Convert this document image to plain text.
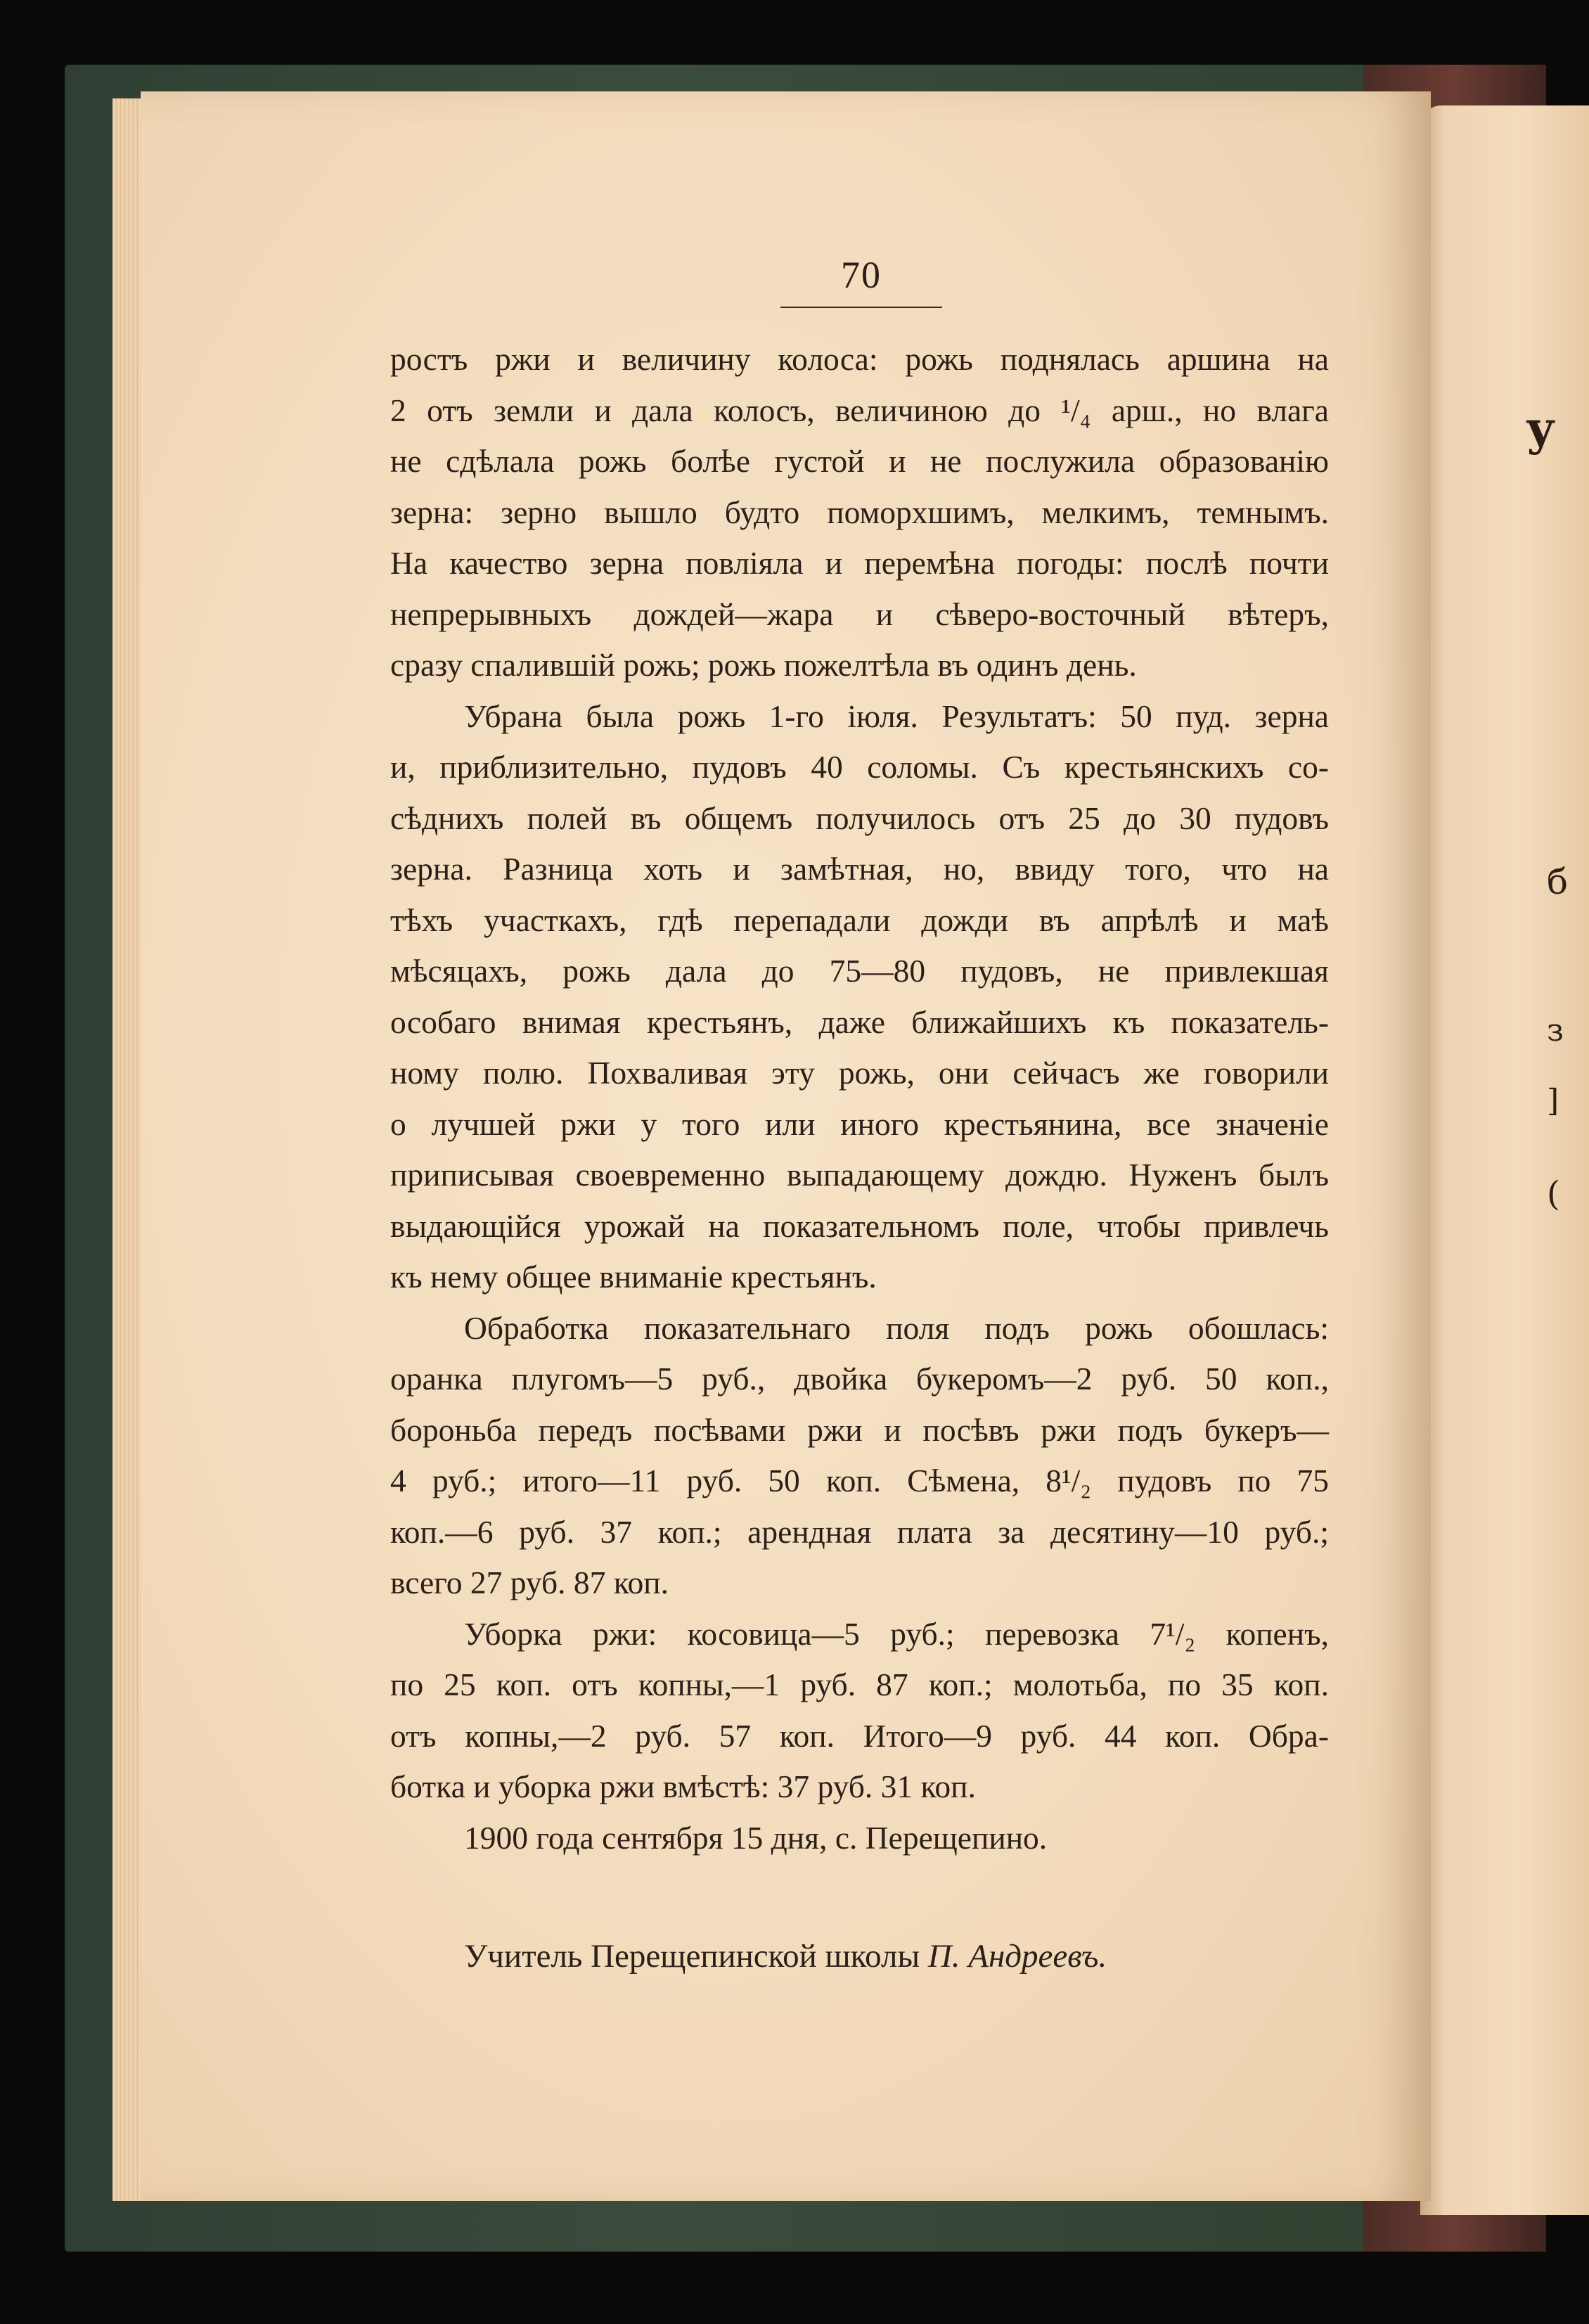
у
б
з
]
(
70
ростъ ржи и величину колоса: рожь поднялась аршина на
2 отъ земли и дала колосъ, величиною до ¹/₄ арш., но влага
не сдѣлала рожь болѣе густой и не послужила образованію
зерна: зерно вышло будто поморхшимъ, мелкимъ, темнымъ.
На качество зерна повліяла и перемѣна погоды: послѣ почти
непрерывныхъ дождей—жара и сѣверо-восточный вѣтеръ,
сразу спалившій рожь; рожь пожелтѣла въ одинъ день.
Убрана была рожь 1-го іюля. Результатъ: 50 пуд. зерна
и, приблизительно, пудовъ 40 соломы. Съ крестьянскихъ со-
сѣднихъ полей въ общемъ получилось отъ 25 до 30 пудовъ
зерна. Разница хоть и замѣтная, но, ввиду того, что на
тѣхъ участкахъ, гдѣ перепадали дожди въ апрѣлѣ и маѣ
мѣсяцахъ, рожь дала до 75—80 пудовъ, не привлекшая
особаго внимая крестьянъ, даже ближайшихъ къ показатель-
ному полю. Похваливая эту рожь, они сейчасъ же говорили
о лучшей ржи у того или иного крестьянина, все значеніе
приписывая своевременно выпадающему дождю. Нуженъ былъ
выдающійся урожай на показательномъ поле, чтобы привлечь
къ нему общее вниманіе крестьянъ.
Обработка показательнаго поля подъ рожь обошлась:
оранка плугомъ—5 руб., двойка букеромъ—2 руб. 50 коп.,
бороньба передъ посѣвами ржи и посѣвъ ржи подъ букеръ—
4 руб.; итого—11 руб. 50 коп. Сѣмена, 8¹/₂ пудовъ по 75
коп.—6 руб. 37 коп.; арендная плата за десятину—10 руб.;
всего 27 руб. 87 коп.
Уборка ржи: косовица—5 руб.; перевозка 7¹/₂ копенъ,
по 25 коп. отъ копны,—1 руб. 87 коп.; молотьба, по 35 коп.
отъ копны,—2 руб. 57 коп. Итого—9 руб. 44 коп. Обра-
ботка и уборка ржи вмѣстѣ: 37 руб. 31 коп.
1900 года сентября 15 дня, с. Перещепино.
Учитель Перещепинской школы П. Андреевъ.
